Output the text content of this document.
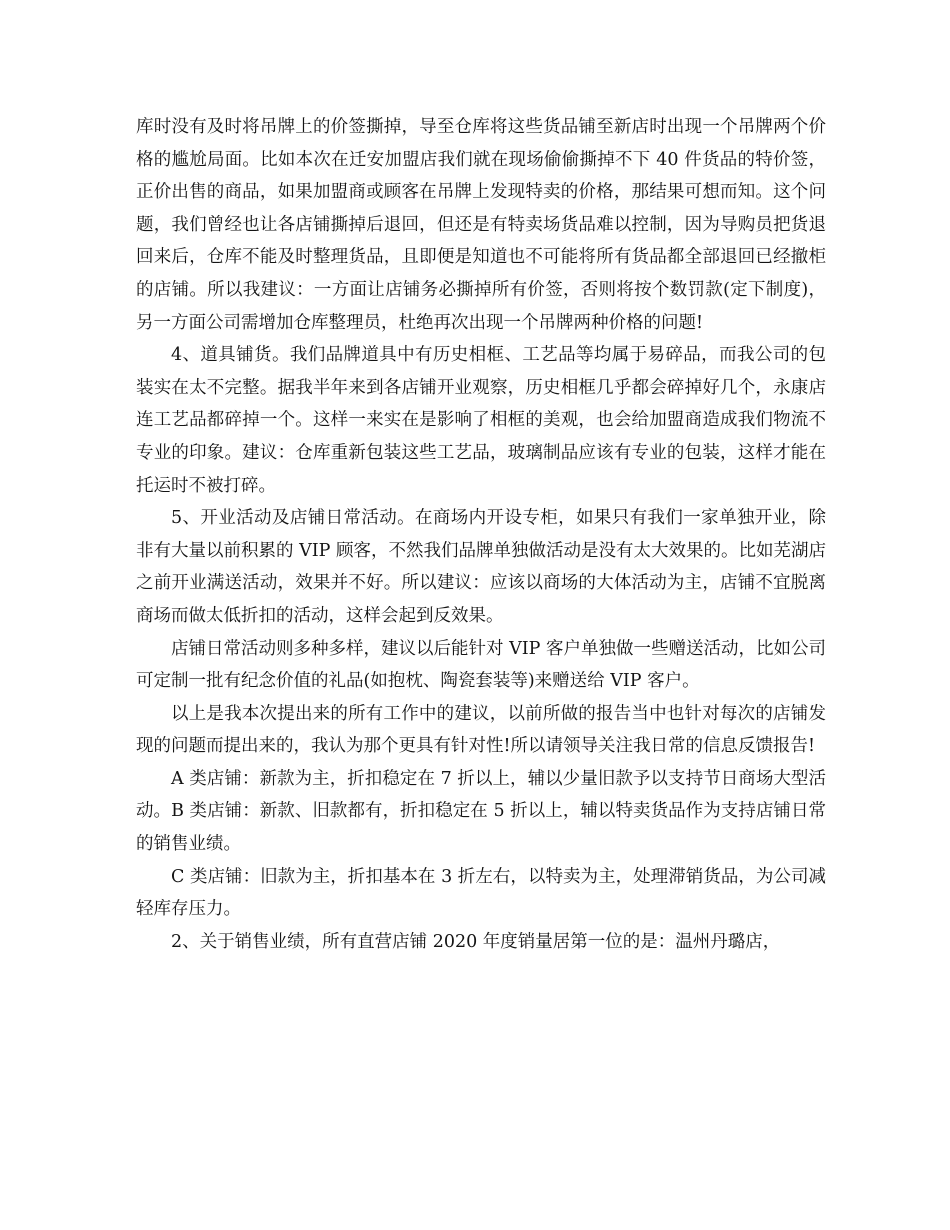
库时没有及时将吊牌上的价签撕掉，导至仓库将这些货品铺至新店时出现一个吊牌两个价格的尴尬局面。比如本次在迁安加盟店我们就在现场偷偷撕掉不下 40 件货品的特价签，正价出售的商品，如果加盟商或顾客在吊牌上发现特卖的价格，那结果可想而知。这个问题，我们曾经也让各店铺撕掉后退回，但还是有特卖场货品难以控制，因为导购员把货退回来后，仓库不能及时整理货品，且即便是知道也不可能将所有货品都全部退回已经撤柜的店铺。所以我建议：一方面让店铺务必撕掉所有价签，否则将按个数罚款(定下制度)，另一方面公司需增加仓库整理员，杜绝再次出现一个吊牌两种价格的问题!

4、道具铺货。我们品牌道具中有历史相框、工艺品等均属于易碎品，而我公司的包装实在太不完整。据我半年来到各店铺开业观察，历史相框几乎都会碎掉好几个，永康店连工艺品都碎掉一个。这样一来实在是影响了相框的美观，也会给加盟商造成我们物流不专业的印象。建议：仓库重新包装这些工艺品，玻璃制品应该有专业的包装，这样才能在托运时不被打碎。

5、开业活动及店铺日常活动。在商场内开设专柜，如果只有我们一家单独开业，除非有大量以前积累的 VIP 顾客，不然我们品牌单独做活动是没有太大效果的。比如芜湖店之前开业满送活动，效果并不好。所以建议：应该以商场的大体活动为主，店铺不宜脱离商场而做太低折扣的活动，这样会起到反效果。

店铺日常活动则多种多样，建议以后能针对 VIP 客户单独做一些赠送活动，比如公司可定制一批有纪念价值的礼品(如抱枕、陶瓷套装等)来赠送给 VIP 客户。

以上是我本次提出来的所有工作中的建议，以前所做的报告当中也针对每次的店铺发现的问题而提出来的，我认为那个更具有针对性!所以请领导关注我日常的信息反馈报告!

A 类店铺：新款为主，折扣稳定在 7 折以上，辅以少量旧款予以支持节日商场大型活动。B 类店铺：新款、旧款都有，折扣稳定在 5 折以上，辅以特卖货品作为支持店铺日常的销售业绩。

C 类店铺：旧款为主，折扣基本在 3 折左右，以特卖为主，处理滞销货品，为公司减轻库存压力。

2、关于销售业绩，所有直营店铺 2020 年度销量居第一位的是：温州丹璐店，
